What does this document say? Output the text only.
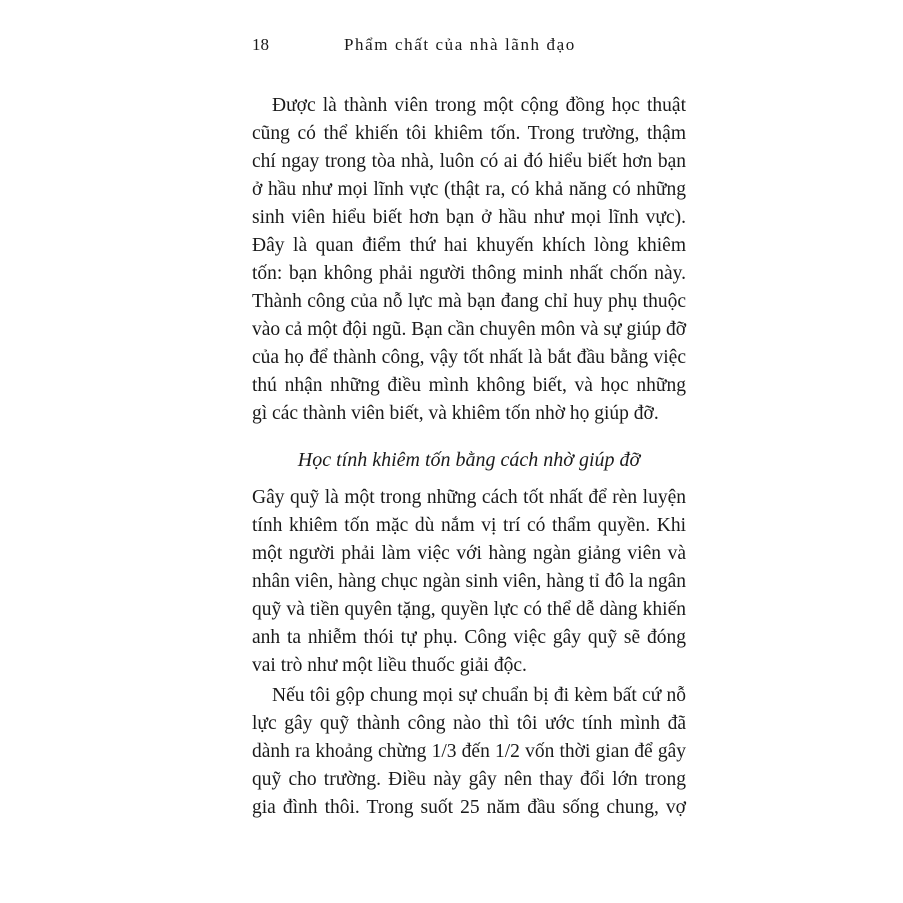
18	Phẩm chất của nhà lãnh đạo
Được là thành viên trong một cộng đồng học thuật
cũng có thể khiến tôi khiêm tốn. Trong trường, thậm
chí ngay trong tòa nhà, luôn có ai đó hiểu biết hơn bạn
ở hầu như mọi lĩnh vực (thật ra, có khả năng có những
sinh viên hiểu biết hơn bạn ở hầu như mọi lĩnh vực).
Đây là quan điểm thứ hai khuyến khích lòng khiêm
tốn: bạn không phải người thông minh nhất chốn này.
Thành công của nỗ lực mà bạn đang chỉ huy phụ thuộc
vào cả một đội ngũ. Bạn cần chuyên môn và sự giúp đỡ
của họ để thành công, vậy tốt nhất là bắt đầu bằng việc
thú nhận những điều mình không biết, và học những
gì các thành viên biết, và khiêm tốn nhờ họ giúp đỡ.
Học tính khiêm tốn bằng cách nhờ giúp đỡ
Gây quỹ là một trong những cách tốt nhất để rèn luyện
tính khiêm tốn mặc dù nắm vị trí có thẩm quyền. Khi
một người phải làm việc với hàng ngàn giảng viên và
nhân viên, hàng chục ngàn sinh viên, hàng tỉ đô la ngân
quỹ và tiền quyên tặng, quyền lực có thể dễ dàng khiến
anh ta nhiễm thói tự phụ. Công việc gây quỹ sẽ đóng
vai trò như một liều thuốc giải độc.
Nếu tôi gộp chung mọi sự chuẩn bị đi kèm bất cứ nỗ
lực gây quỹ thành công nào thì tôi ước tính mình đã
dành ra khoảng chừng 1/3 đến 1/2 vốn thời gian để gây
quỹ cho trường. Điều này gây nên thay đổi lớn trong
gia đình thôi. Trong suốt 25 năm đầu sống chung, vợ
